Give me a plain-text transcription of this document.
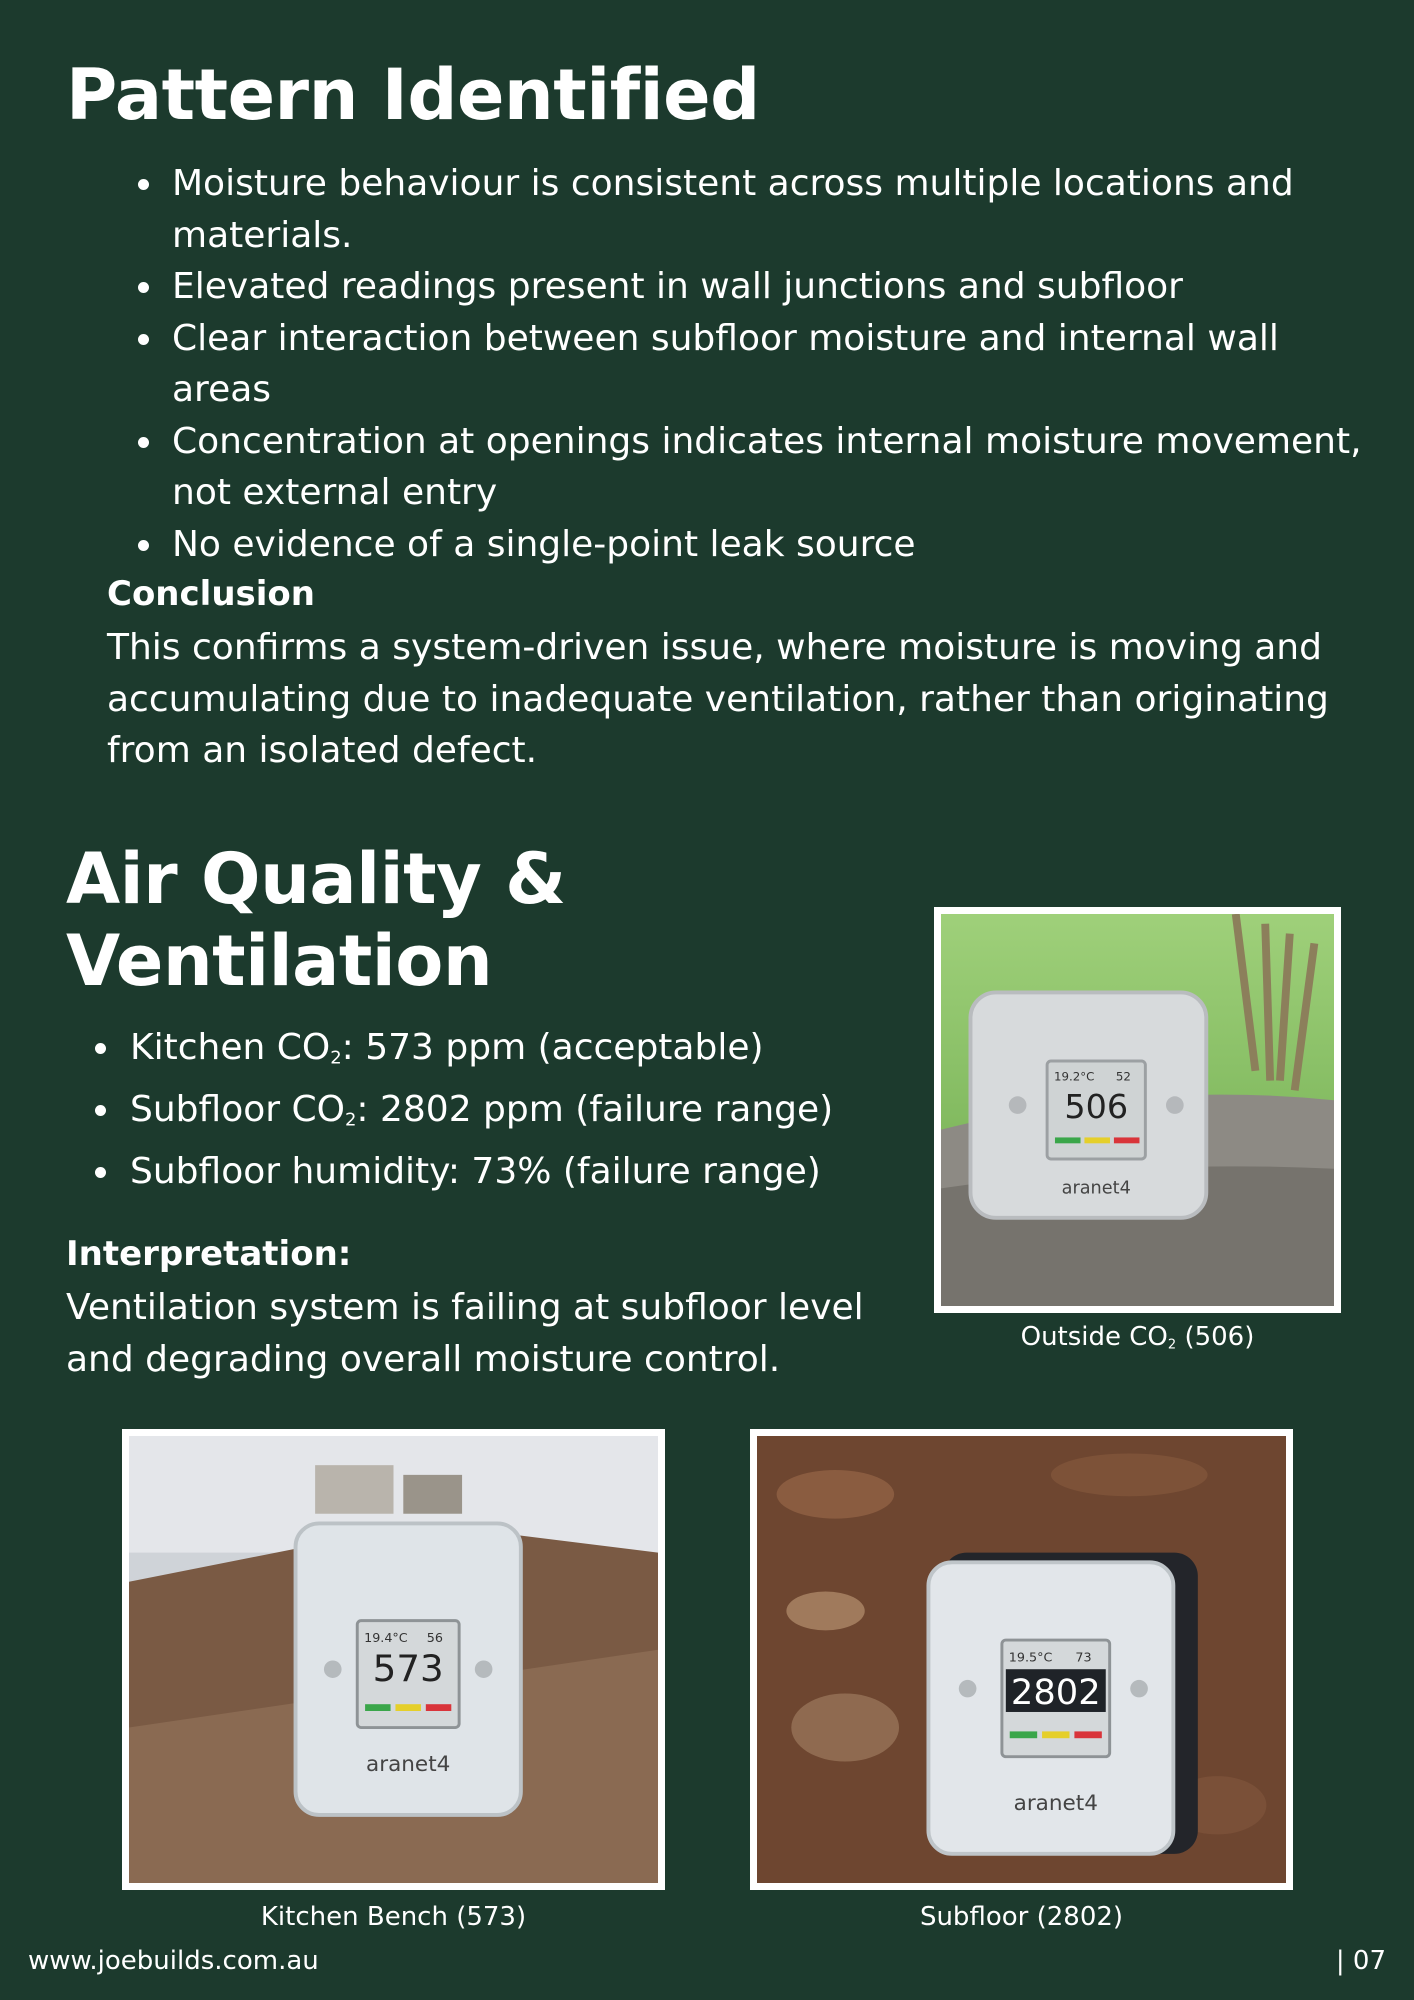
Pattern Identified
Moisture behaviour is consistent across multiple locations and materials.
Elevated readings present in wall junctions and subfloor
Clear interaction between subfloor moisture and internal wall areas
Concentration at openings indicates internal moisture movement, not external entry
No evidence of a single-point leak source
Conclusion

This confirms a system-driven issue, where moisture is moving and accumulating due to inadequate ventilation, rather than originating from an isolated defect.

Air Quality &
Ventilation
Kitchen $CO_2$: 573 ppm (acceptable)
Subfloor $CO_2$: 2802 ppm (failure range)
Subfloor humidity: 73% (failure range)
Interpretation:

Ventilation system is failing at subfloor level and degrading overall moisture control.

19.2°C 52
506
aranet4
Outside $CO_2$ (506)
19.4°C 56
573
aranet4
Kitchen Bench (573)
19.5°C 73
2802
aranet4
Subfloor (2802)
www.joebuilds.com.au	| 07
